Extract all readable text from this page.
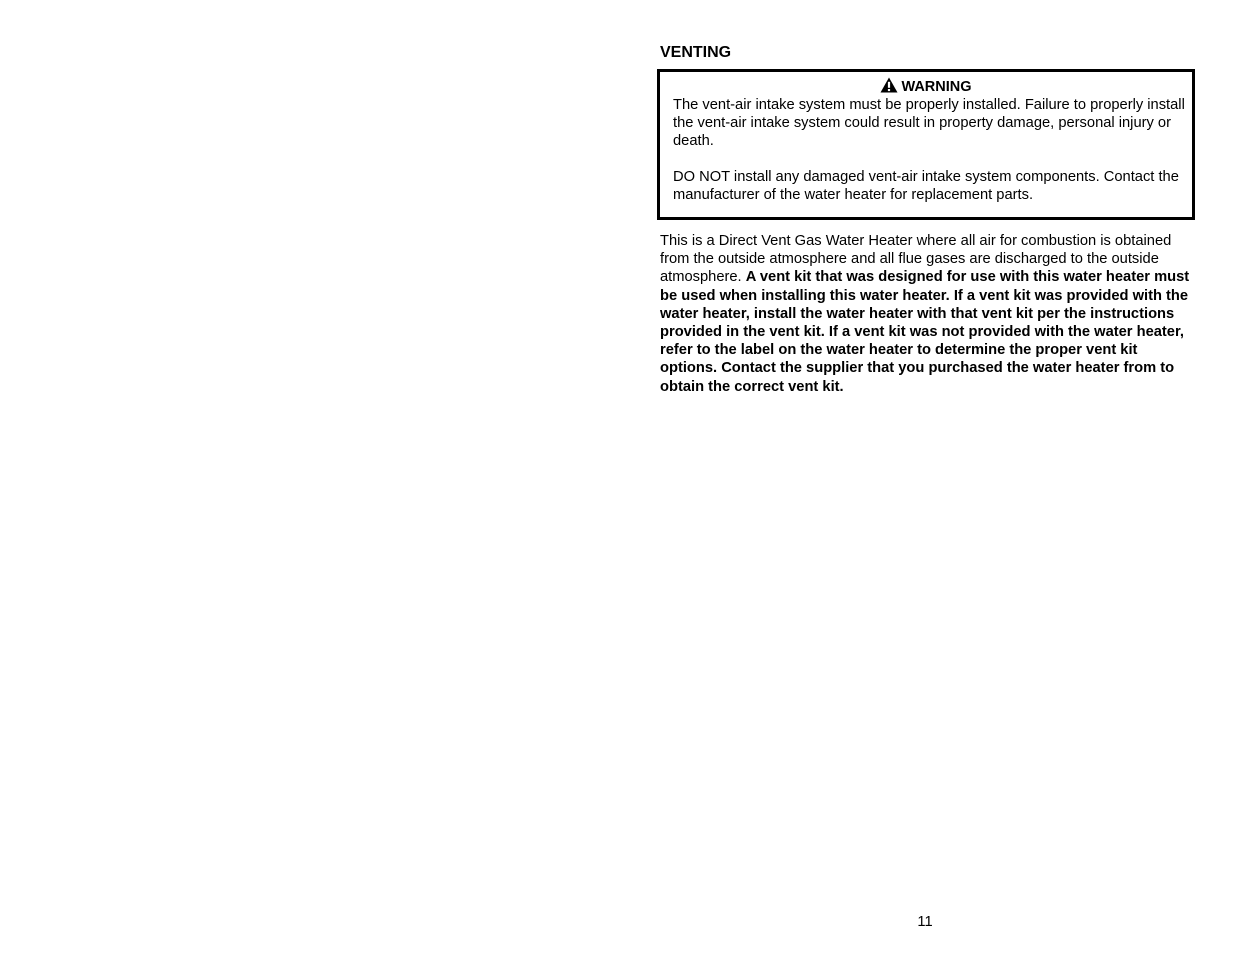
VENTING
WARNING

The vent-air intake system must be properly installed. Failure to properly install the vent-air intake system could result in property damage, personal injury or death.

DO NOT install any damaged vent-air intake system components. Contact the manufacturer of the water heater for replacement parts.

This is a Direct Vent Gas Water Heater where all air for combustion is obtained from the outside atmosphere and all flue gases are discharged to the outside atmosphere. A vent kit that was designed for use with this water heater must be used when installing this water heater. If a vent kit was provided with the water heater, install the water heater with that vent kit per the instructions provided in the vent kit. If a vent kit was not provided with the water heater, refer to the label on the water heater to determine the proper vent kit options. Contact the supplier that you purchased the water heater from to obtain the correct vent kit.

11
